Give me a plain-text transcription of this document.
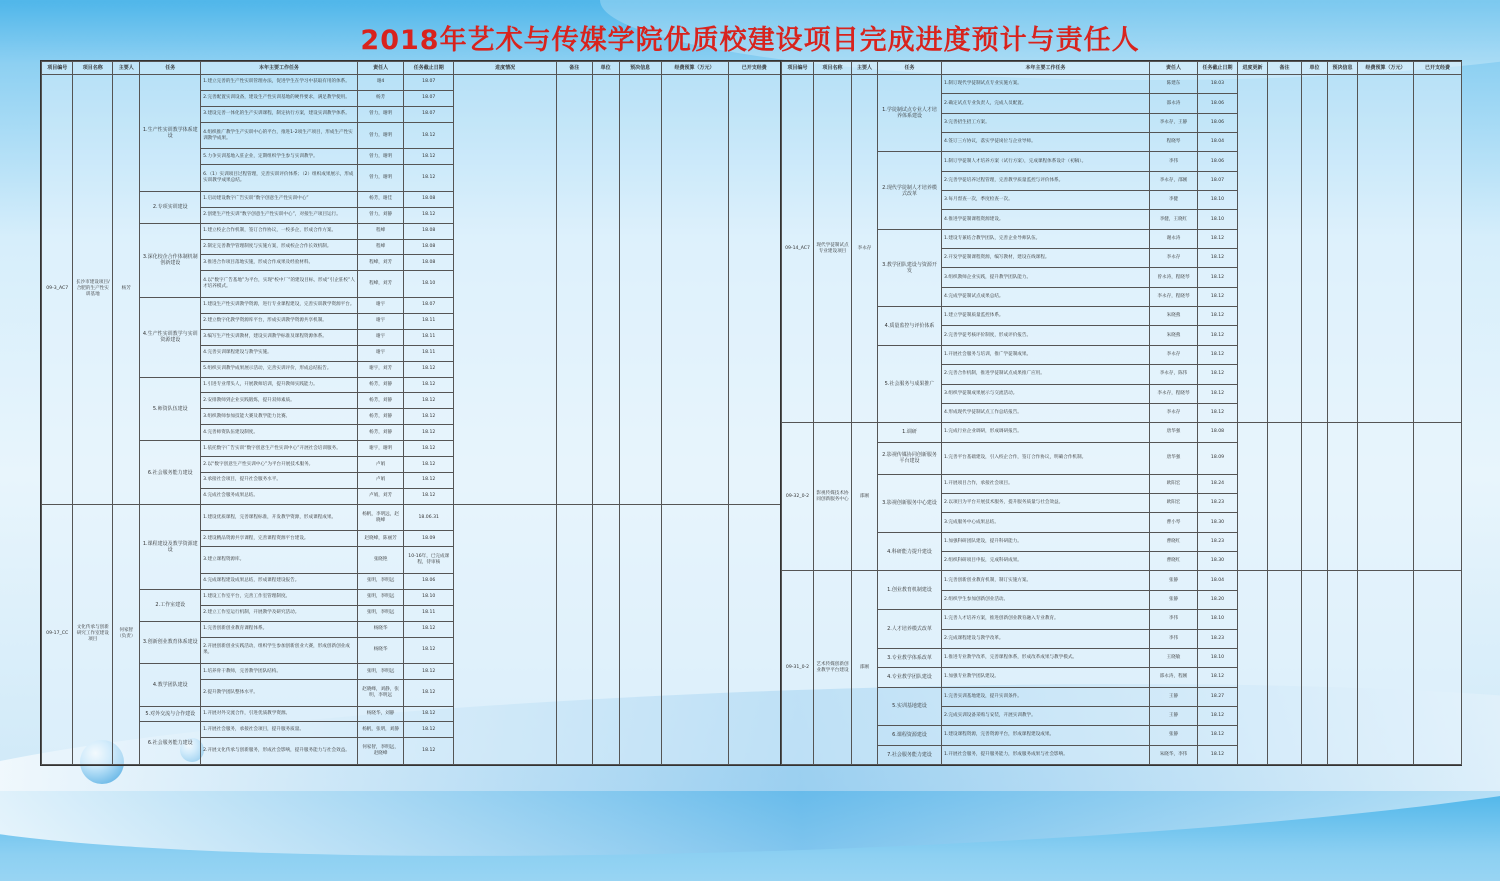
2018年艺术与传媒学院优质校建设项目完成进度预计与责任人
项目编号	项目名称	主要人	任务	本年主要工作任务	责任人	任务截止日期	进度情况	备注	单位	预决信息	经费预算（万元）	已开支经费
09-3_AC7	长沙市建设项目/合肥的生产性实训基地	杨芳	1.生产性实训教学体系建设	1.建立完善的生产性实训管理办法，促进学生在学习中获取有用的体系。	谢4	18.07						
				2.完善配置实训设备，建设生产性实训基地的硬件要求，满足教学使用。	杨芳	18.07						
				3.建设完善一体化的生产实训课程，制定执行方案，建设实训教学体系。	曾力，谢明	18.07						
				4.组织推广教学生产实训中心的平台，推进1-2项生产项目，形成生产性实训教学成果。	曾力，谢明	18.12						
				5.力争实训基地入驻企业，定期组织学生参与实训教学。	曾力，谢明	18.12						
				6.（1）实训项目过程管理，完善实训评价体系；（2）组织成果展示，形成实训教学成果总结。	曾力，谢明	18.12						
			2.专项实训建设	1.启动建设数字广告实训“数字创意生产性实训中心”	杨芳，谢佳	18.08						
				2.创建生产性实训“数字创意生产性实训中心”，对接生产项目运行。	曾力，刘静	18.12						
			3.深化校企合作体制机制创新建设	1.建立校企合作机制，签订合作协议，一校多企，形成合作方案。	程峰	18.08						
				2.制定完善教学管理制度与实施方案，形成校企合作长效机制。	程峰	18.08						
				3.推进合作项目落地实施，形成合作成果及经验材料。	程峰，刘芳	18.08						
				4.以“数字广告基地”为平台，实现“校中厂”的建设目标，形成“引企驻校”人才培养模式。	程峰，刘芳	18.10						
			4.生产性实训教学与实训资源建设	1.建设生产性实训教学资源，进行专业课程建设，完善实训教学资源平台。	谢宇	18.07						
				2.建立数字化教学资源库平台，形成实训教学资源共享机制。	谢宇	18.11						
				3.编写生产性实训教材，建设实训教学标准及课程资源体系。	谢宇	18.11						
				4.完善实训课程建设与教学实施。	谢宇	18.11						
				5.组织实训教学成果展示活动，完善实训评价，形成总结报告。	谢宇，刘芳	18.12						
			5.师资队伍建设	1.引进专业带头人，开展教师培训，提升教师实践能力。	杨芳，刘静	18.12						
				2.安排教师到企业实践锻炼，提升双师素质。	杨芳，刘静	18.12						
				3.组织教师参加技能大赛及教学能力比赛。	杨芳，刘静	18.12						
				4.完善师资队伍建设制度。	杨芳，刘静	18.12						
			6.社会服务能力建设	1.依托数字广告实训“数字创意生产性实训中心”开展社会培训服务。	谢宇，谢明	18.12						
				2.以“数字创意生产性实训中心”为平台开展技术服务。	卢娟	18.12						
				3.承接社会项目，提升社会服务水平。	卢娟	18.12						
				4.完成社会服务成果总结。	卢娟，刘芳	18.12						
09-17_CC	文化传承与创新研究工作室建设项目	何家智（负责）	1.课程建设及教学资源建设	1.建设优质课程，完善课程标准，开发教学资源，形成课程成果。	杨帆，李明远，赵晓峰	18.06.31						
				2.建设精品资源共享课程，完善课程资源平台建设。	赵晓峰，陈丽芳	18.09						
				3.建立课程资源库。	张晓艳	10-16年，已完成课程，待审核						
				4.完成课程建设成果总结，形成课程建设报告。	张明，李明远	18.06						
			2.工作室建设	1.建设工作室平台，完善工作室管理制度。	张明，李明远	18.10						
				2.建立工作室运行机制，开展教学及研究活动。	张明，李明远	18.11						
			3.创新创业教育体系建设	1.完善创新创业教育课程体系。	杨晓华	18.12						
				2.开展创新创业实践活动，组织学生参加创新创业大赛，形成创新创业成果。	杨晓华	18.12						
			4.教学团队建设	1.培养骨干教师，完善教学团队结构。	张明，李明远	18.12						
				2.提升教学团队整体水平。	赵晓峰，刘静，张明，李明远	18.12						
			5.对外交流与合作建设	1.开展对外交流合作，引进优质教学资源。	杨晓华，刘静	18.12						
			6.社会服务能力建设	1.开展社会服务，承接社会项目，提升服务质量。	杨帆，张明，刘静	18.12						
				2.开展文化传承与创新服务，形成社会影响，提升服务能力与社会效益。	何家智，李明远，赵晓峰	18.12						
项目编号	项目名称	主要人	任务	本年主要工作任务	责任人	任务截止日期	进度更新	备注	单位	预决信息	经费预算（万元）	已开支经费
09-14_AC7	现代学徒制试点专业建设项目	李永存	1.学徒制试点专业人才培养体系建设	1.制订现代学徒制试点专业实施方案。	陈建东	18.03						
				2.确定试点专业负责人，完成人员配置。	邵永涛	18.06						
				3.完善招生招工方案。	李永存，王静	18.06						
				4.签订三方协议，落实学徒岗位与企业导师。	程晓琴	18.04						
			2.现代学徒制人才培养模式改革	1.制订学徒制人才培养方案（试行方案），完成课程体系设计（初稿）。	李伟	18.06						
				2.完善学徒培养过程管理，完善教学质量监控与评价体系。	李永存，邵刚	18.07						
				3.每月督查一次，季度检查一次。	李健	18.10						
				4.推进学徒制课程资源建设。	李健，王晓红	18.10						
			3.教学团队建设与资源开发	1.建设专兼结合教学团队，完善企业导师队伍。	谢永涛	18.12						
				2.开发学徒制课程资源，编写教材，建设在线课程。	李永存	18.12						
				3.组织教师企业实践，提升教学团队能力。	曾永涛，程晓琴	18.12						
				4.完成学徒制试点成果总结。	李永存，程晓琴	18.12						
			4.质量监控与评价体系	1.建立学徒制质量监控体系。	朱晓燕	18.12						
				2.完善学徒考核评价制度，形成评价报告。	朱晓燕	18.12						
			5.社会服务与成果推广	1.开展社会服务与培训，推广学徒制成果。	李永存	18.12						
				2.完善合作机制，推进学徒制试点成果推广应用。	李永存，陈伟	18.12						
				3.组织学徒制成果展示与交流活动。	李永存，程晓琴	18.12						
				4.形成现代学徒制试点工作总结报告。	李永存	18.12						
09-32_0-2	影视传媒技术协同创新服务中心	邵刚	1.调研	1.完成行业企业调研，形成调研报告。	唐华强	18.08						
			2.影视传媒协同创新服务平台建设	1.完善平台基础建设，引入校企合作，签订合作协议，明确合作机制。	唐华强	18.09						
			3.影视创新服务中心建设	1.开展项目合作，承接社会项目。	欧阳宏	18.24						
				2.以项目为平台开展技术服务，提升服务质量与社会效益。	欧阳宏	18.23						
				3.完成服务中心成果总结。	曹小琴	18.30						
			4.科研能力提升建设	1.加强科研团队建设，提升科研能力。	曹晓红	18.23						
				2.组织科研项目申报，完成科研成果。	曹晓红	18.30						
09-31_0-2	艺术传媒创新创业教学平台建设	邵刚	1.创业教育机制建设	1.完善创新创业教育机制，制订实施方案。	张静	18.04						
				2.组织学生参加创新创业活动。	张静	18.20						
			2.人才培养模式改革	1.完善人才培养方案，推进创新创业教育融入专业教育。	李伟	18.10						
				2.完成课程建设与教学改革。	李伟	18.23						
			3.专业教学体系改革	1.推进专业教学改革，完善课程体系，形成改革成果与教学模式。	王晓敏	18.10						
			4.专业教学团队建设	1.加强专业教学团队建设。	邵永涛，程刚	18.12						
			5.实训基地建设	1.完善实训基地建设，提升实训条件。	王静	18.27						
				2.完成实训设备采购与安装，开展实训教学。	王静	18.12						
			6.课程资源建设	1.建设课程资源，完善资源平台，形成课程建设成果。	张静	18.12						
			7.社会服务能力建设	1.开展社会服务，提升服务能力，形成服务成果与社会影响。	朱晓华，李伟	18.12						
